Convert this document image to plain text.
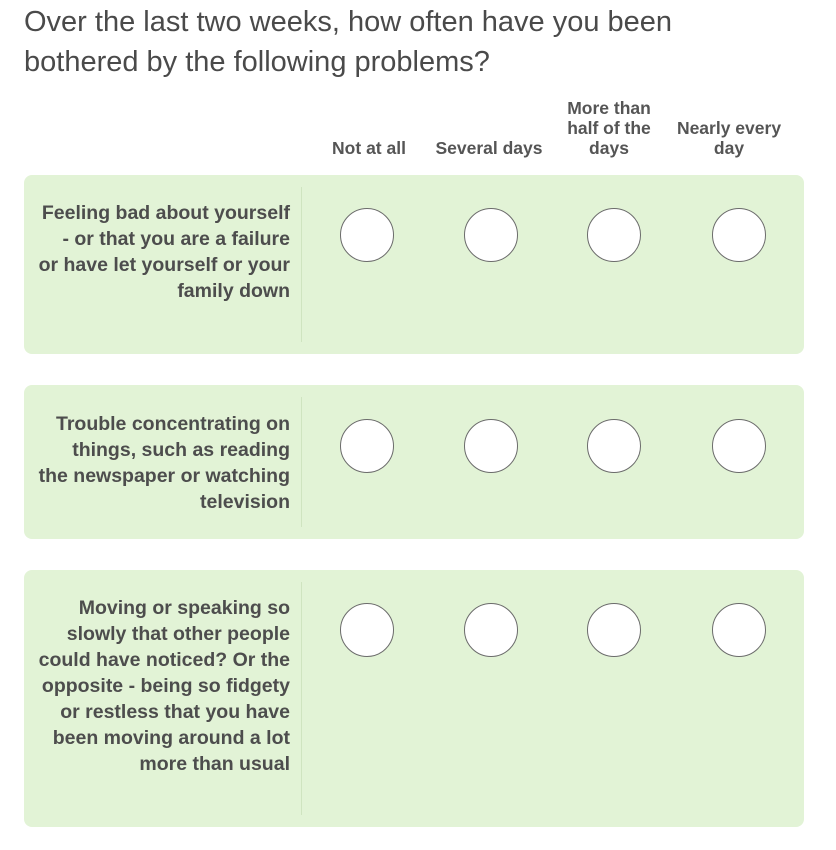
Over the last two weeks, how often have you been bothered by the following problems?
Not at all	Several days
More than half of the days
Nearly every day
Feeling bad about yourself - or that you are a failure or have let yourself or your family down
Trouble concentrating on things, such as reading the newspaper or watching television
Moving or speaking so slowly that other people could have noticed? Or the opposite - being so fidgety or restless that you have been moving around a lot more than usual
